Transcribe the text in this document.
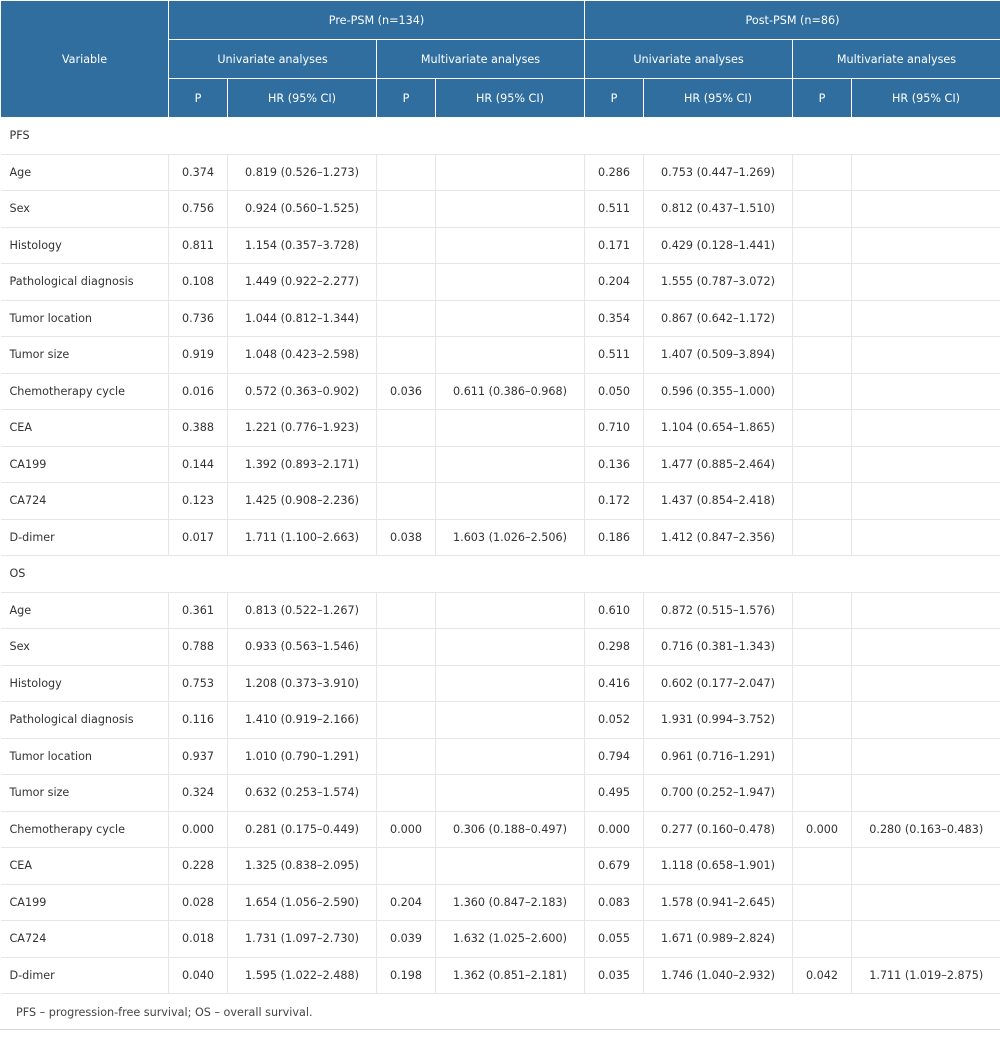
Variable	Pre-PSM (n=134)				Post-PSM (n=86)			
	Univariate analyses		Multivariate analyses		Univariate analyses		Multivariate analyses	
	P	HR (95% CI)	P	HR (95% CI)	P	HR (95% CI)	P	HR (95% CI)
PFS								
Age	0.374	0.819 (0.526–1.273)			0.286	0.753 (0.447–1.269)		
Sex	0.756	0.924 (0.560–1.525)			0.511	0.812 (0.437–1.510)		
Histology	0.811	1.154 (0.357–3.728)			0.171	0.429 (0.128–1.441)		
Pathological diagnosis	0.108	1.449 (0.922–2.277)			0.204	1.555 (0.787–3.072)		
Tumor location	0.736	1.044 (0.812–1.344)			0.354	0.867 (0.642–1.172)		
Tumor size	0.919	1.048 (0.423–2.598)			0.511	1.407 (0.509–3.894)		
Chemotherapy cycle	0.016	0.572 (0.363–0.902)	0.036	0.611 (0.386–0.968)	0.050	0.596 (0.355–1.000)		
CEA	0.388	1.221 (0.776–1.923)			0.710	1.104 (0.654–1.865)		
CA199	0.144	1.392 (0.893–2.171)			0.136	1.477 (0.885–2.464)		
CA724	0.123	1.425 (0.908–2.236)			0.172	1.437 (0.854–2.418)		
D-dimer	0.017	1.711 (1.100–2.663)	0.038	1.603 (1.026–2.506)	0.186	1.412 (0.847–2.356)		
OS								
Age	0.361	0.813 (0.522–1.267)			0.610	0.872 (0.515–1.576)		
Sex	0.788	0.933 (0.563–1.546)			0.298	0.716 (0.381–1.343)		
Histology	0.753	1.208 (0.373–3.910)			0.416	0.602 (0.177–2.047)		
Pathological diagnosis	0.116	1.410 (0.919–2.166)			0.052	1.931 (0.994–3.752)		
Tumor location	0.937	1.010 (0.790–1.291)			0.794	0.961 (0.716–1.291)		
Tumor size	0.324	0.632 (0.253–1.574)			0.495	0.700 (0.252–1.947)		
Chemotherapy cycle	0.000	0.281 (0.175–0.449)	0.000	0.306 (0.188–0.497)	0.000	0.277 (0.160–0.478)	0.000	0.280 (0.163–0.483)
CEA	0.228	1.325 (0.838–2.095)			0.679	1.118 (0.658–1.901)		
CA199	0.028	1.654 (1.056–2.590)	0.204	1.360 (0.847–2.183)	0.083	1.578 (0.941–2.645)		
CA724	0.018	1.731 (1.097–2.730)	0.039	1.632 (1.025–2.600)	0.055	1.671 (0.989–2.824)		
D-dimer	0.040	1.595 (1.022–2.488)	0.198	1.362 (0.851–2.181)	0.035	1.746 (1.040–2.932)	0.042	1.711 (1.019–2.875)
PFS – progression-free survival; OS – overall survival.
